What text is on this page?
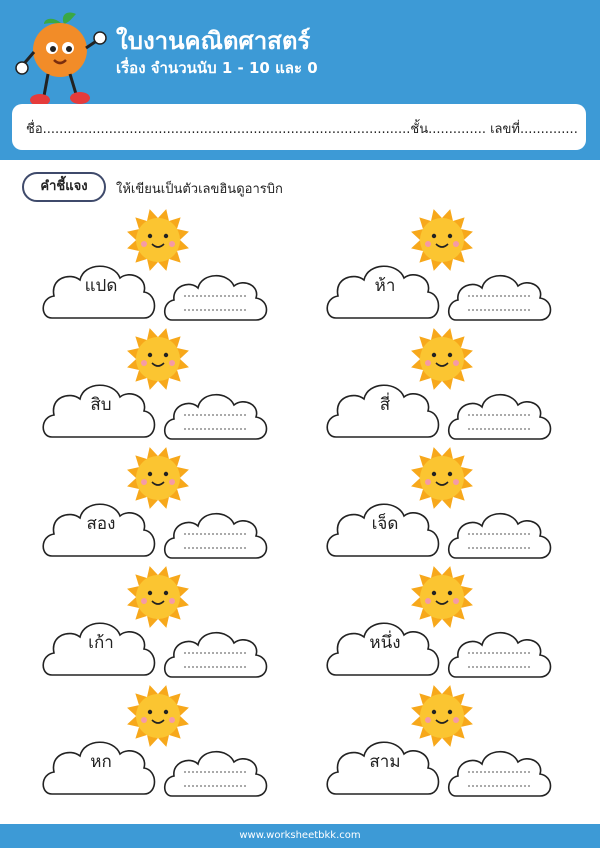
ใบงานคณิตศาสตร์
เรื่อง จำนวนนับ 1 - 10 และ 0
ชื่อ.........................................................................................ชั้น.............. เลขที่..............
คำชี้แจง	ให้เขียนเป็นตัวเลขฮินดูอารบิก
แปด	ห้า
สิบ	สี่
สอง	เจ็ด
เก้า	หนึ่ง
หก	สาม
www.worksheetbkk.com
